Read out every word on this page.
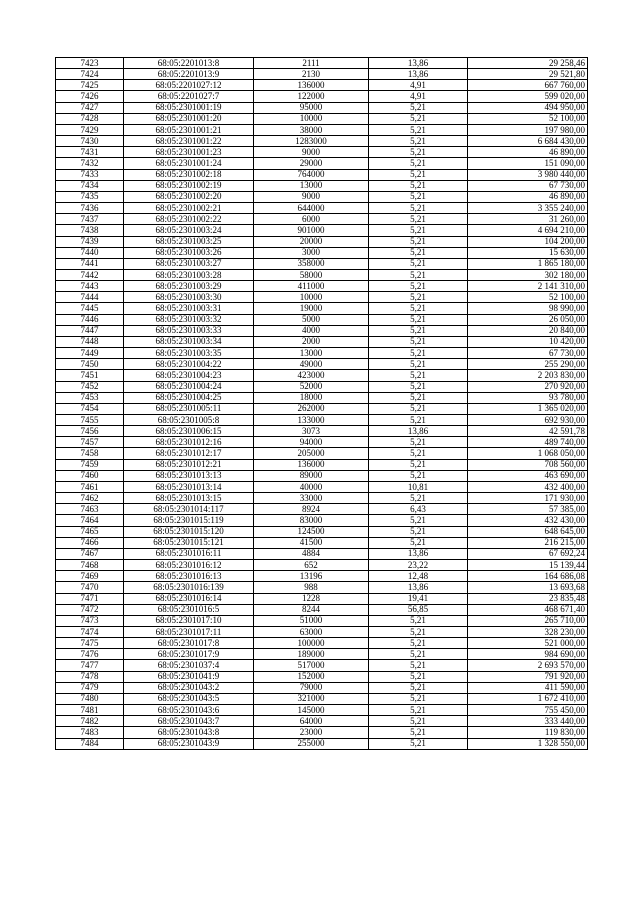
7423	68:05:2201013:8	2111	13,86	29 258,46
7424	68:05:2201013:9	2130	13,86	29 521,80
7425	68:05:2201027:12	136000	4,91	667 760,00
7426	68:05:2201027:7	122000	4,91	599 020,00
7427	68:05:2301001:19	95000	5,21	494 950,00
7428	68:05:2301001:20	10000	5,21	52 100,00
7429	68:05:2301001:21	38000	5,21	197 980,00
7430	68:05:2301001:22	1283000	5,21	6 684 430,00
7431	68:05:2301001:23	9000	5,21	46 890,00
7432	68:05:2301001:24	29000	5,21	151 090,00
7433	68:05:2301002:18	764000	5,21	3 980 440,00
7434	68:05:2301002:19	13000	5,21	67 730,00
7435	68:05:2301002:20	9000	5,21	46 890,00
7436	68:05:2301002:21	644000	5,21	3 355 240,00
7437	68:05:2301002:22	6000	5,21	31 260,00
7438	68:05:2301003:24	901000	5,21	4 694 210,00
7439	68:05:2301003:25	20000	5,21	104 200,00
7440	68:05:2301003:26	3000	5,21	15 630,00
7441	68:05:2301003:27	358000	5,21	1 865 180,00
7442	68:05:2301003:28	58000	5,21	302 180,00
7443	68:05:2301003:29	411000	5,21	2 141 310,00
7444	68:05:2301003:30	10000	5,21	52 100,00
7445	68:05:2301003:31	19000	5,21	98 990,00
7446	68:05:2301003:32	5000	5,21	26 050,00
7447	68:05:2301003:33	4000	5,21	20 840,00
7448	68:05:2301003:34	2000	5,21	10 420,00
7449	68:05:2301003:35	13000	5,21	67 730,00
7450	68:05:2301004:22	49000	5,21	255 290,00
7451	68:05:2301004:23	423000	5,21	2 203 830,00
7452	68:05:2301004:24	52000	5,21	270 920,00
7453	68:05:2301004:25	18000	5,21	93 780,00
7454	68:05:2301005:11	262000	5,21	1 365 020,00
7455	68:05:2301005:8	133000	5,21	692 930,00
7456	68:05:2301006:15	3073	13,86	42 591,78
7457	68:05:2301012:16	94000	5,21	489 740,00
7458	68:05:2301012:17	205000	5,21	1 068 050,00
7459	68:05:2301012:21	136000	5,21	708 560,00
7460	68:05:2301013:13	89000	5,21	463 690,00
7461	68:05:2301013:14	40000	10,81	432 400,00
7462	68:05:2301013:15	33000	5,21	171 930,00
7463	68:05:2301014:117	8924	6,43	57 385,00
7464	68:05:2301015:119	83000	5,21	432 430,00
7465	68:05:2301015:120	124500	5,21	648 645,00
7466	68:05:2301015:121	41500	5,21	216 215,00
7467	68:05:2301016:11	4884	13,86	67 692,24
7468	68:05:2301016:12	652	23,22	15 139,44
7469	68:05:2301016:13	13196	12,48	164 686,08
7470	68:05:2301016:139	988	13,86	13 693,68
7471	68:05:2301016:14	1228	19,41	23 835,48
7472	68:05:2301016:5	8244	56,85	468 671,40
7473	68:05:2301017:10	51000	5,21	265 710,00
7474	68:05:2301017:11	63000	5,21	328 230,00
7475	68:05:2301017:8	100000	5,21	521 000,00
7476	68:05:2301017:9	189000	5,21	984 690,00
7477	68:05:2301037:4	517000	5,21	2 693 570,00
7478	68:05:2301041:9	152000	5,21	791 920,00
7479	68:05:2301043:2	79000	5,21	411 590,00
7480	68:05:2301043:5	321000	5,21	1 672 410,00
7481	68:05:2301043:6	145000	5,21	755 450,00
7482	68:05:2301043:7	64000	5,21	333 440,00
7483	68:05:2301043:8	23000	5,21	119 830,00
7484	68:05:2301043:9	255000	5,21	1 328 550,00
